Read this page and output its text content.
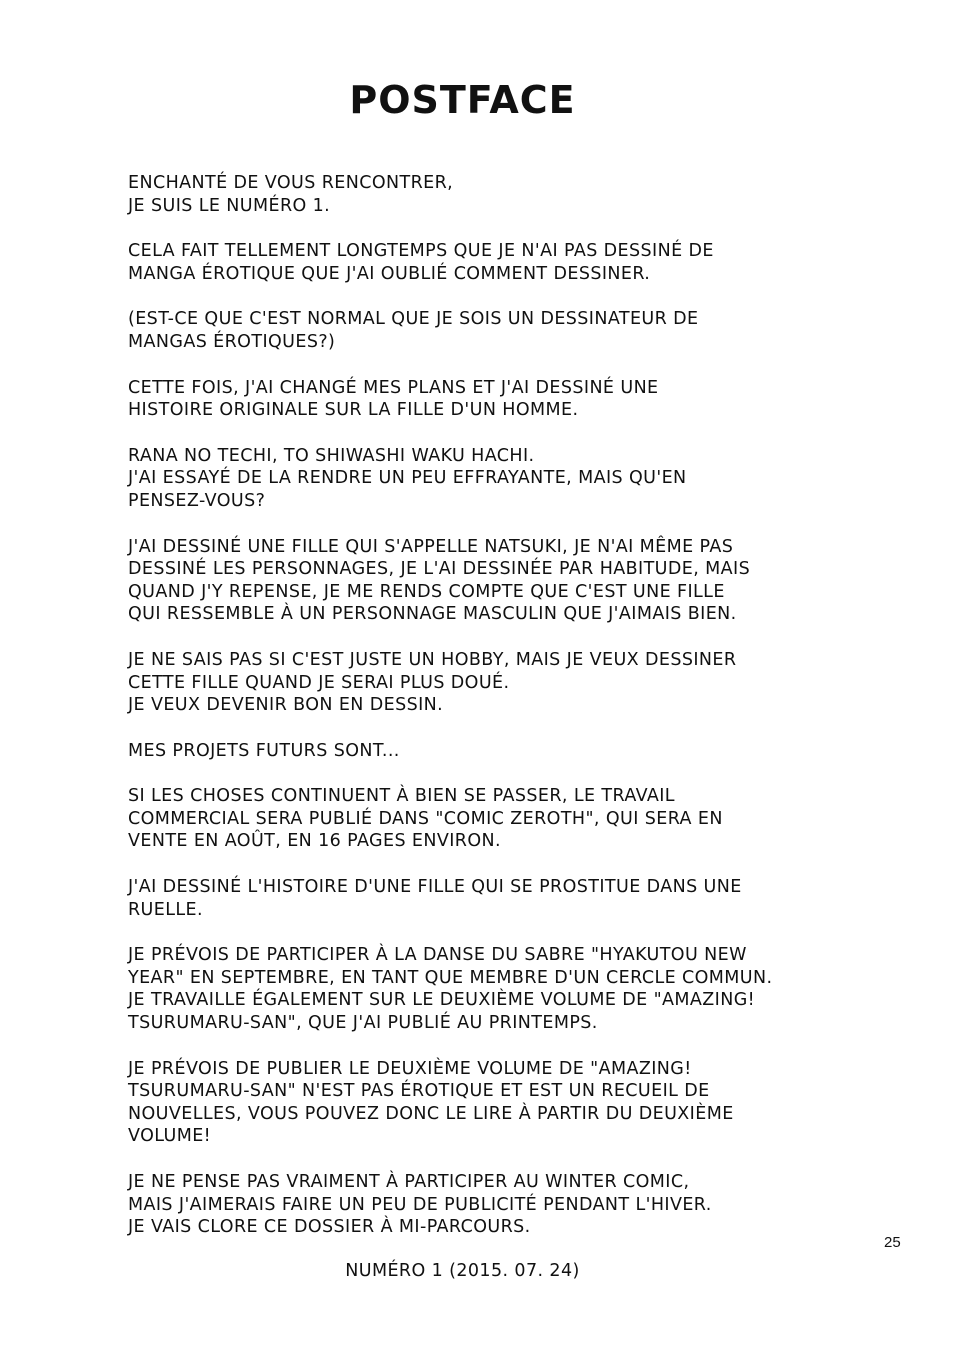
POSTFACE
ENCHANTÉ DE VOUS RENCONTRER,
JE SUIS LE NUMÉRO 1.
CELA FAIT TELLEMENT LONGTEMPS QUE JE N'AI PAS DESSINÉ DE
MANGA ÉROTIQUE QUE J'AI OUBLIÉ COMMENT DESSINER.
(EST-CE QUE C'EST NORMAL QUE JE SOIS UN DESSINATEUR DE
MANGAS ÉROTIQUES?)
CETTE FOIS, J'AI CHANGÉ MES PLANS ET J'AI DESSINÉ UNE
HISTOIRE ORIGINALE SUR LA FILLE D'UN HOMME.
RANA NO TECHI, TO SHIWASHI WAKU HACHI.
J'AI ESSAYÉ DE LA RENDRE UN PEU EFFRAYANTE, MAIS QU'EN
PENSEZ-VOUS?
J'AI DESSINÉ UNE FILLE QUI S'APPELLE NATSUKI, JE N'AI MÊME PAS
DESSINÉ LES PERSONNAGES, JE L'AI DESSINÉE PAR HABITUDE, MAIS
QUAND J'Y REPENSE, JE ME RENDS COMPTE QUE C'EST UNE FILLE
QUI RESSEMBLE À UN PERSONNAGE MASCULIN QUE J'AIMAIS BIEN.
JE NE SAIS PAS SI C'EST JUSTE UN HOBBY, MAIS JE VEUX DESSINER
CETTE FILLE QUAND JE SERAI PLUS DOUÉ.
JE VEUX DEVENIR BON EN DESSIN.
MES PROJETS FUTURS SONT...
SI LES CHOSES CONTINUENT À BIEN SE PASSER, LE TRAVAIL
COMMERCIAL SERA PUBLIÉ DANS "COMIC ZEROTH", QUI SERA EN
VENTE EN AOÛT, EN 16 PAGES ENVIRON.
J'AI DESSINÉ L'HISTOIRE D'UNE FILLE QUI SE PROSTITUE DANS UNE
RUELLE.
JE PRÉVOIS DE PARTICIPER À LA DANSE DU SABRE "HYAKUTOU NEW
YEAR" EN SEPTEMBRE, EN TANT QUE MEMBRE D'UN CERCLE COMMUN.
JE TRAVAILLE ÉGALEMENT SUR LE DEUXIÈME VOLUME DE "AMAZING!
TSURUMARU-SAN", QUE J'AI PUBLIÉ AU PRINTEMPS.
JE PRÉVOIS DE PUBLIER LE DEUXIÈME VOLUME DE "AMAZING!
TSURUMARU-SAN" N'EST PAS ÉROTIQUE ET EST UN RECUEIL DE
NOUVELLES, VOUS POUVEZ DONC LE LIRE À PARTIR DU DEUXIÈME
VOLUME!
JE NE PENSE PAS VRAIMENT À PARTICIPER AU WINTER COMIC,
MAIS J'AIMERAIS FAIRE UN PEU DE PUBLICITÉ PENDANT L'HIVER.
JE VAIS CLORE CE DOSSIER À MI-PARCOURS.
25
NUMÉRO 1 (2015. 07. 24)
